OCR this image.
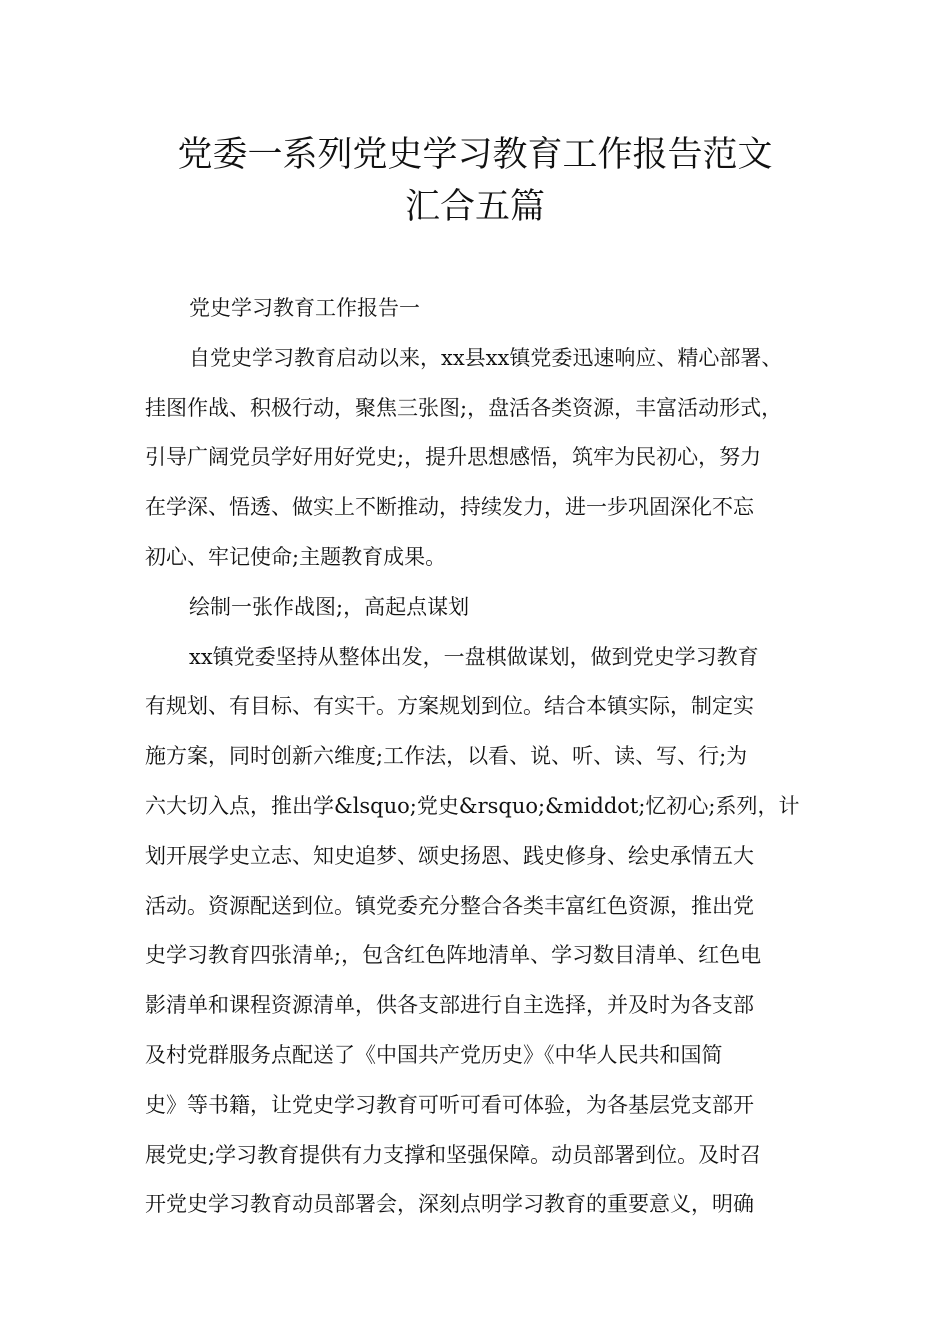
党委一系列党史学习教育工作报告范文
汇合五篇
党史学习教育工作报告一
自党史学习教育启动以来，xx县xx镇党委迅速响应、精心部署、
挂图作战、积极行动，聚焦三张图;，盘活各类资源，丰富活动形式，
引导广阔党员学好用好党史;，提升思想感悟，筑牢为民初心，努力
在学深、悟透、做实上不断推动，持续发力，进一步巩固深化不忘
初心、牢记使命;主题教育成果。
绘制一张作战图;，高起点谋划
xx镇党委坚持从整体出发，一盘棋做谋划，做到党史学习教育
有规划、有目标、有实干。方案规划到位。结合本镇实际，制定实
施方案，同时创新六维度;工作法，以看、说、听、读、写、行;为
六大切入点，推出学&lsquo;党史&rsquo;&middot;忆初心;系列，计
划开展学史立志、知史追梦、颂史扬恩、践史修身、绘史承情五大
活动。资源配送到位。镇党委充分整合各类丰富红色资源，推出党
史学习教育四张清单;，包含红色阵地清单、学习数目清单、红色电
影清单和课程资源清单，供各支部进行自主选择，并及时为各支部
及村党群服务点配送了《中国共产党历史》《中华人民共和国简
史》等书籍，让党史学习教育可听可看可体验，为各基层党支部开
展党史;学习教育提供有力支撑和坚强保障。动员部署到位。及时召
开党史学习教育动员部署会，深刻点明学习教育的重要意义，明确
